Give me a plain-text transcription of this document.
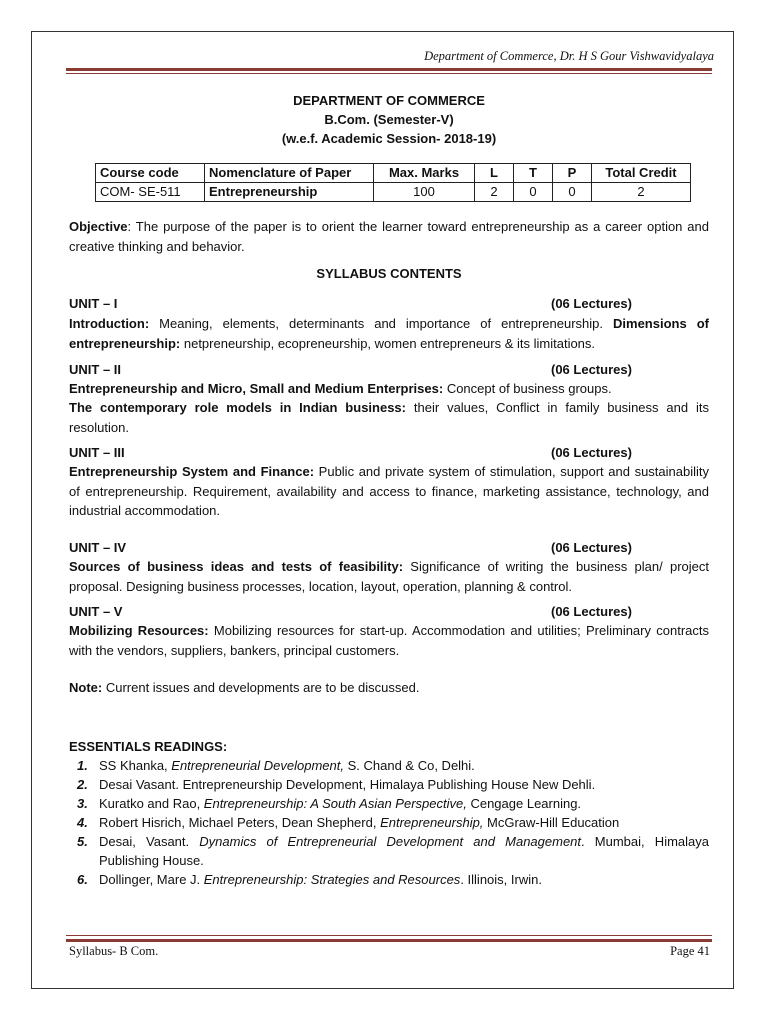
Department of Commerce, Dr. H S Gour Vishwavidyalaya
DEPARTMENT OF COMMERCE
B.Com. (Semester-V)
(w.e.f. Academic Session- 2018-19)
Course code	Nomenclature of Paper	Max. Marks	L	T	P	Total Credit
COM- SE-511	Entrepreneurship	100	2	0	0	2
Objective: The purpose of the paper is to orient the learner toward entrepreneurship as a career option and creative thinking and behavior.
SYLLABUS CONTENTS
UNIT – I	(06 Lectures)
Introduction: Meaning, elements, determinants and importance of entrepreneurship. Dimensions of entrepreneurship: netpreneurship, ecopreneurship, women entrepreneurs & its limitations.
UNIT – II	(06 Lectures)
Entrepreneurship and Micro, Small and Medium Enterprises: Concept of business groups.
The contemporary role models in Indian business: their values, Conflict in family business and its resolution.
UNIT – III	(06 Lectures)
Entrepreneurship System and Finance: Public and private system of stimulation, support and sustainability of entrepreneurship. Requirement, availability and access to finance, marketing assistance, technology, and industrial accommodation.
UNIT – IV	(06 Lectures)
Sources of business ideas and tests of feasibility: Significance of writing the business plan/ project proposal. Designing business processes, location, layout, operation, planning & control.
UNIT – V	(06 Lectures)
Mobilizing Resources: Mobilizing resources for start-up. Accommodation and utilities; Preliminary contracts with the vendors, suppliers, bankers, principal customers.
Note: Current issues and developments are to be discussed.
ESSENTIALS READINGS:
1. SS Khanka, Entrepreneurial Development, S. Chand & Co, Delhi.
2. Desai Vasant. Entrepreneurship Development, Himalaya Publishing House New Dehli.
3. Kuratko and Rao, Entrepreneurship: A South Asian Perspective, Cengage Learning.
4. Robert Hisrich, Michael Peters, Dean Shepherd, Entrepreneurship, McGraw-Hill Education
5. Desai, Vasant. Dynamics of Entrepreneurial Development and Management. Mumbai, Himalaya Publishing House.
6. Dollinger, Mare J. Entrepreneurship: Strategies and Resources. Illinois, Irwin.
Syllabus- B Com.	Page 41
